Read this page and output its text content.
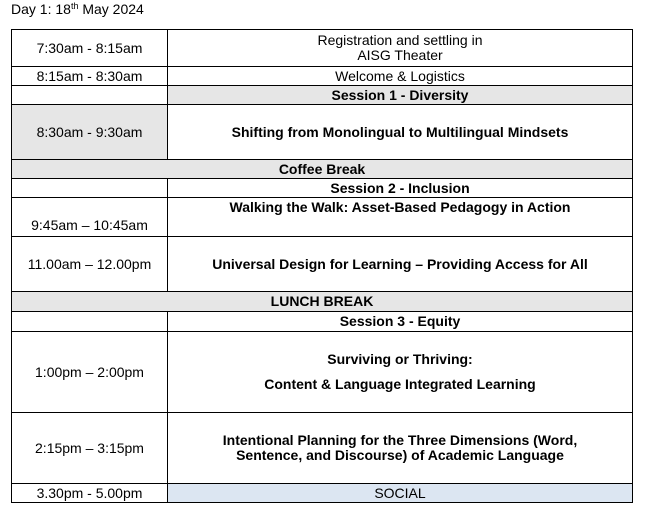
Day 1: 18th May 2024
7:30am - 8:15am	Registration and settling in
AISG Theater
8:15am - 8:30am	Welcome & Logistics
	Session 1 - Diversity
8:30am - 9:30am	Shifting from Monolingual to Multilingual Mindsets
Coffee Break	
	Session 2 - Inclusion
9:45am – 10:45am	Walking the Walk: Asset-Based Pedagogy in Action
11.00am – 12.00pm	Universal Design for Learning – Providing Access for All
LUNCH BREAK	
	Session 3 - Equity
1:00pm – 2:00pm	Surviving or Thriving:
Content & Language Integrated Learning

2:15pm – 3:15pm	Intentional Planning for the Three Dimensions (Word, Sentence, and Discourse) of Academic Language
3.30pm - 5.00pm	SOCIAL
